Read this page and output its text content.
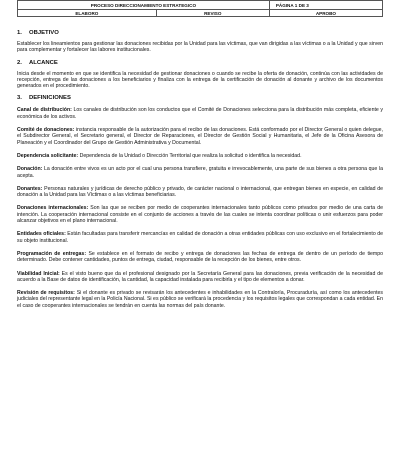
PROCESO DIRECCIONAMIENTO ESTRATEGICO		PÁGINA 1 DE 3
ELABORO	REVISO	APROBO
1. OBJETIVO

Establecer los lineamientos para gestionar las donaciones recibidas por la Unidad para las víctimas, que van dirigidas a las víctimas o a la Unidad y que sirven para complementar y fortalecer las labores institucionales.

2. ALCANCE

Inicia desde el momento en que se identifica la necesidad de gestionar donaciones o cuando se recibe la oferta de donación, continúa con las actividades de recepción, entrega de las donaciones a los beneficiarios y finaliza con la entrega de la certificación de donación al donante y archivo de los documentos generados en el procedimiento.

3. DEFINICIONES

Canal de distribución: Los canales de distribución son los conductos que el Comité de Donaciones selecciona para la distribución más completa, eficiente y económica de los activos.

Comité de donaciones: instancia responsable de la autorización para el recibo de las donaciones. Está conformado por el Director General o quien delegue, el Subdirector General, el Secretario general, el Director de Reparaciones, el Director de Gestión Social y Humanitaria, el Jefe de la Oficina Asesora de Planeación y el Coordinador del Grupo de Gestión Administrativa y Documental.

Dependencia solicitante: Dependencia de la Unidad o Dirección Territorial que realiza la solicitud o identifica la necesidad.

Donación: La donación entre vivos es un acto por el cual una persona transfiere, gratuita e irrevocablemente, una parte de sus bienes a otra persona que la acepta.

Donantes: Personas naturales y jurídicas de derecho público y privado, de carácter nacional o internacional, que entregan bienes en especie, en calidad de donación a la Unidad para las Víctimas o a las víctimas beneficiarias.

Donaciones internacionales: Son las que se reciben por medio de cooperantes internacionales tanto públicos como privados por medio de una carta de intención. La cooperación internacional consiste en el conjunto de acciones a través de las cuales se intenta coordinar políticas o unir esfuerzos para poder alcanzar objetivos en el plano internacional.

Entidades oficiales: Están facultadas para transferir mercancías en calidad de donación a otras entidades públicas con uso exclusivo en el fortalecimiento de su objeto institucional.

Programación de entregas: Se establece en el formato de recibo y entrega de donaciones las fechas de entrega de dentro de un período de tiempo determinado. Debe contener cantidades, puntos de entrega, ciudad, responsable de la recepción de los bienes, entre otros.

Viabilidad Inicial: Es el visto bueno que da el profesional designado por la Secretaría General para las donaciones, previa verificación de la necesidad de acuerdo a la Base de datos de identificación, la cantidad, la capacidad instalada para recibirla y el tipo de elementos a donar.

Revisión de requisitos: Si el donante es privado se revisarán los antecedentes e inhabilidades en la Contraloría, Procuraduría, así como los antecedentes judiciales del representante legal en la Policía Nacional. Si es público se verificará la procedencia y los requisitos legales que correspondan a cada entidad. En el caso de cooperantes internacionales se tendrán en cuenta las normas del país donante.
